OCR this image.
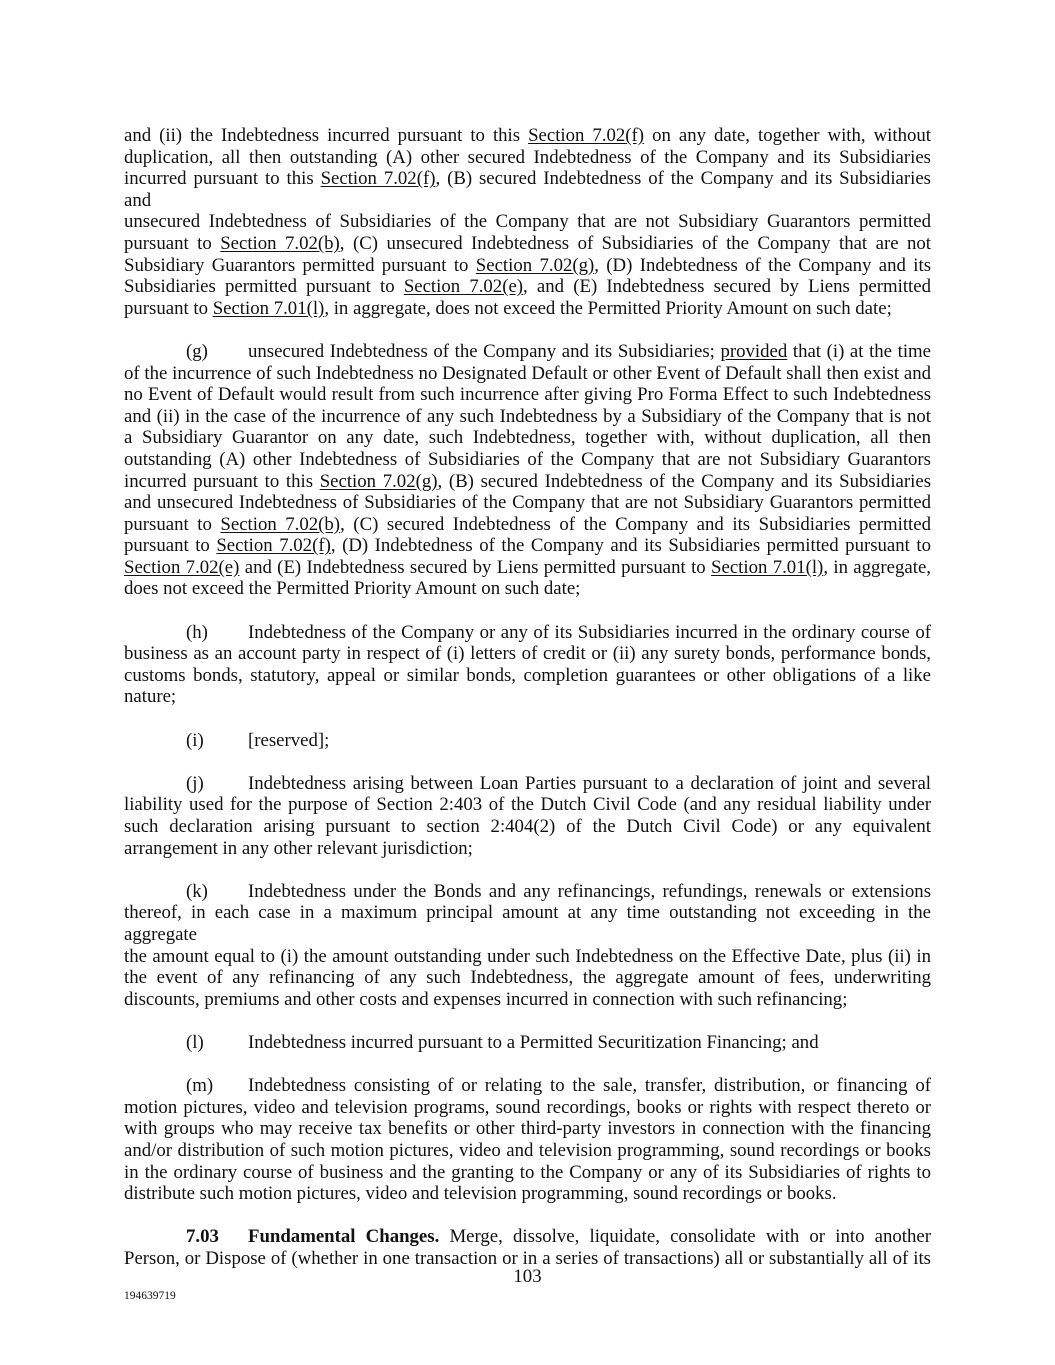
and (ii) the Indebtedness incurred pursuant to this Section 7.02(f) on any date, together with, without
duplication, all then outstanding (A) other secured Indebtedness of the Company and its Subsidiaries
incurred pursuant to this Section 7.02(f), (B) secured Indebtedness of the Company and its Subsidiaries and
unsecured Indebtedness of Subsidiaries of the Company that are not Subsidiary Guarantors permitted
pursuant to Section 7.02(b), (C) unsecured Indebtedness of Subsidiaries of the Company that are not
Subsidiary Guarantors permitted pursuant to Section 7.02(g), (D) Indebtedness of the Company and its
Subsidiaries permitted pursuant to Section 7.02(e), and (E) Indebtedness secured by Liens permitted
pursuant to Section 7.01(l), in aggregate, does not exceed the Permitted Priority Amount on such date;
(g) unsecured Indebtedness of the Company and its Subsidiaries; provided that (i) at the time
of the incurrence of such Indebtedness no Designated Default or other Event of Default shall then exist and
no Event of Default would result from such incurrence after giving Pro Forma Effect to such Indebtedness
and (ii) in the case of the incurrence of any such Indebtedness by a Subsidiary of the Company that is not
a Subsidiary Guarantor on any date, such Indebtedness, together with, without duplication, all then
outstanding (A) other Indebtedness of Subsidiaries of the Company that are not Subsidiary Guarantors
incurred pursuant to this Section 7.02(g), (B) secured Indebtedness of the Company and its Subsidiaries
and unsecured Indebtedness of Subsidiaries of the Company that are not Subsidiary Guarantors permitted
pursuant to Section 7.02(b), (C) secured Indebtedness of the Company and its Subsidiaries permitted
pursuant to Section 7.02(f), (D) Indebtedness of the Company and its Subsidiaries permitted pursuant to
Section 7.02(e) and (E) Indebtedness secured by Liens permitted pursuant to Section 7.01(l), in aggregate,
does not exceed the Permitted Priority Amount on such date;
(h) Indebtedness of the Company or any of its Subsidiaries incurred in the ordinary course of
business as an account party in respect of (i) letters of credit or (ii) any surety bonds, performance bonds,
customs bonds, statutory, appeal or similar bonds, completion guarantees or other obligations of a like
nature;
(i) [reserved];
(j) Indebtedness arising between Loan Parties pursuant to a declaration of joint and several
liability used for the purpose of Section 2:403 of the Dutch Civil Code (and any residual liability under
such declaration arising pursuant to section 2:404(2) of the Dutch Civil Code) or any equivalent
arrangement in any other relevant jurisdiction;
(k) Indebtedness under the Bonds and any refinancings, refundings, renewals or extensions
thereof, in each case in a maximum principal amount at any time outstanding not exceeding in the aggregate
the amount equal to (i) the amount outstanding under such Indebtedness on the Effective Date, plus (ii) in
the event of any refinancing of any such Indebtedness, the aggregate amount of fees, underwriting
discounts, premiums and other costs and expenses incurred in connection with such refinancing;
(l) Indebtedness incurred pursuant to a Permitted Securitization Financing; and
(m) Indebtedness consisting of or relating to the sale, transfer, distribution, or financing of
motion pictures, video and television programs, sound recordings, books or rights with respect thereto or
with groups who may receive tax benefits or other third-party investors in connection with the financing
and/or distribution of such motion pictures, video and television programming, sound recordings or books
in the ordinary course of business and the granting to the Company or any of its Subsidiaries of rights to
distribute such motion pictures, video and television programming, sound recordings or books.
7.03 Fundamental Changes. Merge, dissolve, liquidate, consolidate with or into another
Person, or Dispose of (whether in one transaction or in a series of transactions) all or substantially all of its
103
194639719
